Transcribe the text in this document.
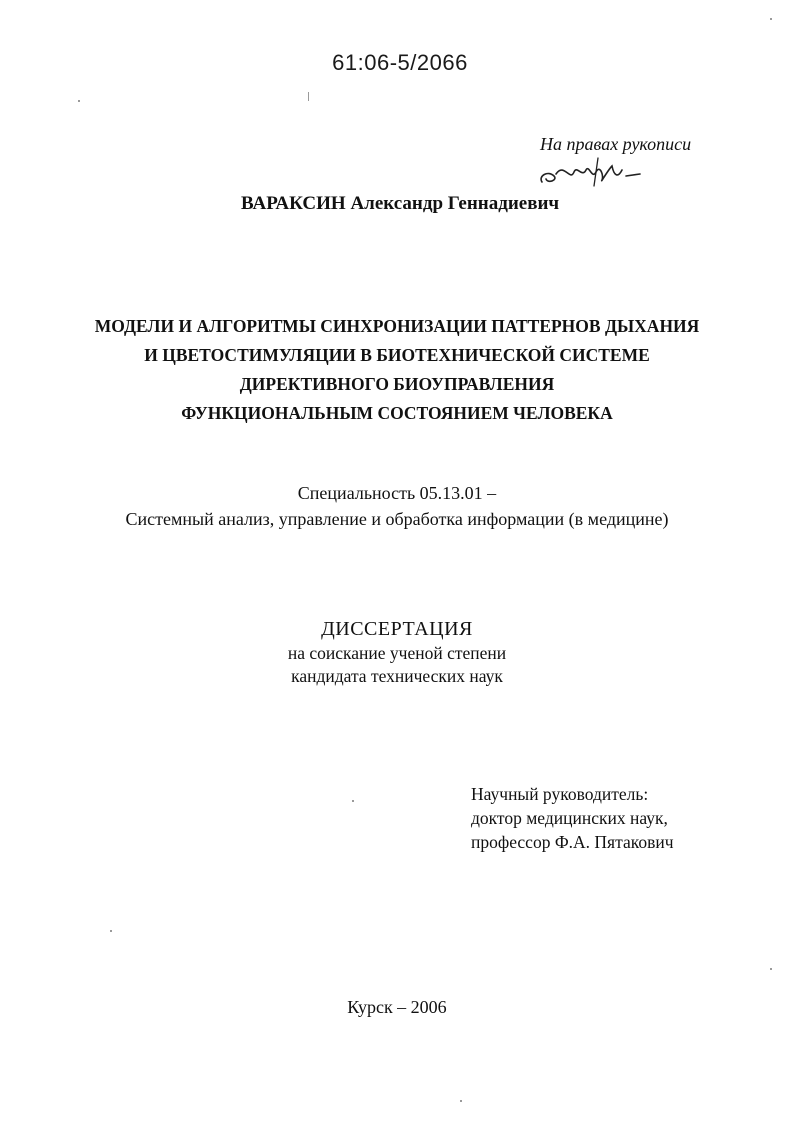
61:06-5/2066
На правах рукописи
ВАРАКСИН Александр Геннадиевич
МОДЕЛИ И АЛГОРИТМЫ СИНХРОНИЗАЦИИ ПАТТЕРНОВ ДЫХАНИЯ
И ЦВЕТОСТИМУЛЯЦИИ В БИОТЕХНИЧЕСКОЙ СИСТЕМЕ
ДИРЕКТИВНОГО БИОУПРАВЛЕНИЯ
ФУНКЦИОНАЛЬНЫМ СОСТОЯНИЕМ ЧЕЛОВЕКА
Специальность 05.13.01 –
Системный анализ, управление и обработка информации (в медицине)
ДИССЕРТАЦИЯ
на соискание ученой степени
кандидата технических наук
Научный руководитель:
доктор медицинских наук,
профессор Ф.А. Пятакович
Курск – 2006
